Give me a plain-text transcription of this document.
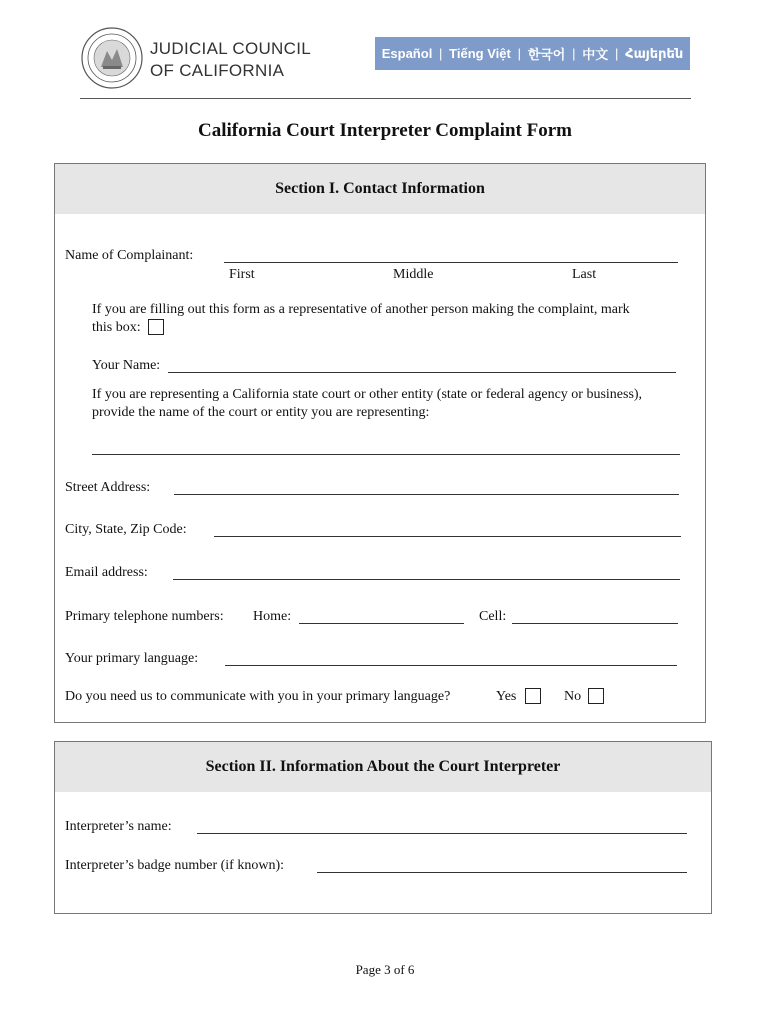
JUDICIAL COUNCIL
OF CALIFORNIA
Español | Tiếng Việt | 한국어 | 中文 | Հայերեն
California Court Interpreter Complaint Form
Section I. Contact Information
Name of Complainant:
First	Middle	Last
If you are filling out this form as a representative of another person making the complaint, mark
this box:
Your Name:
If you are representing a California state court or other entity (state or federal agency or business),
provide the name of the court or entity you are representing:
Street Address:
City, State, Zip Code:
Email address:
Primary telephone numbers: Home:	Cell:
Your primary language:
Do you need us to communicate with you in your primary language?	Yes	No
Section II. Information About the Court Interpreter
Interpreter’s name:
Interpreter’s badge number (if known):
Page 3 of 6
